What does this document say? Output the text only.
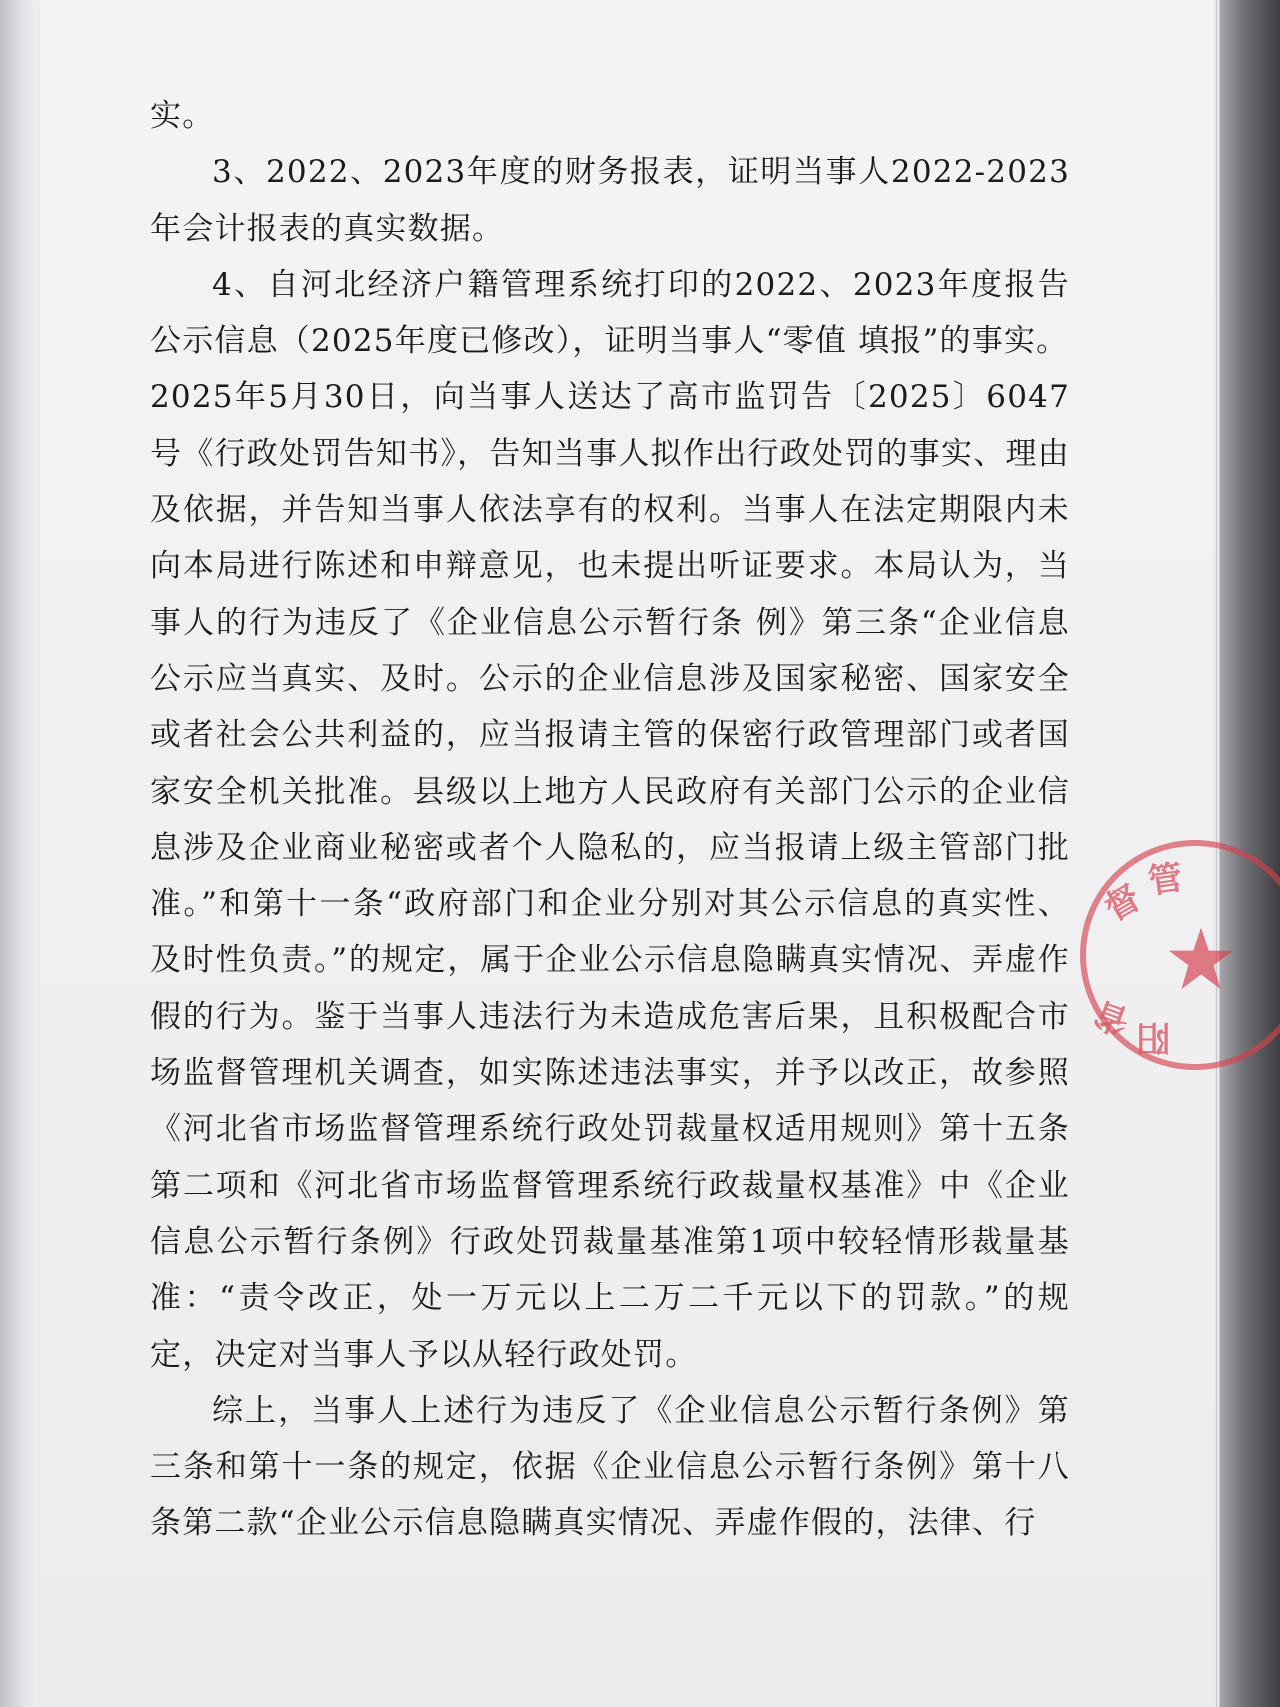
实。

3、2022、2023年度的财务报表，证明当事人2022-2023年会计报表的真实数据。

4、自河北经济户籍管理系统打印的2022、2023年度报告公示信息（2025年度已修改），证明当事人“零值 填报”的事实。

2025年5月30日，向当事人送达了高市监罚告〔2025〕6047号《行政处罚告知书》，告知当事人拟作出行政处罚的事实、理由及依据，并告知当事人依法享有的权利。当事人在法定期限内未向本局进行陈述和申辩意见，也未提出听证要求。本局认为，当事人的行为违反了《企业信息公示暂行条 例》第三条“企业信息公示应当真实、及时。公示的企业信息涉及国家秘密、国家安全或者社会公共利益的，应当报请主管的保密行政管理部门或者国家安全机关批准。县级以上地方人民政府有关部门公示的企业信息涉及企业商业秘密或者个人隐私的，应当报请上级主管部门批准。”和第十一条“政府部门和企业分别对其公示信息的真实性、及时性负责。”的规定，属于企业公示信息隐瞒真实情况、弄虚作假的行为。鉴于当事人违法行为未造成危害后果，且积极配合市场监督管理机关调查，如实陈述违法事实，并予以改正，故参照《河北省市场监督管理系统行政处罚裁量权适用规则》第十五条第二项和《河北省市场监督管理系统行政裁量权基准》中《企业信息公示暂行条例》行政处罚裁量基准第1项中较轻情形裁量基准：“责令改正，处一万元以上二万二千元以下的罚款。”的规定，决定对当事人予以从轻行政处罚。

综上，当事人上述行为违反了《企业信息公示暂行条例》第三条和第十一条的规定，依据《企业信息公示暂行条例》第十八条第二款“企业公示信息隐瞒真实情况、弄虚作假的，法律、行

督
管
省 阳
